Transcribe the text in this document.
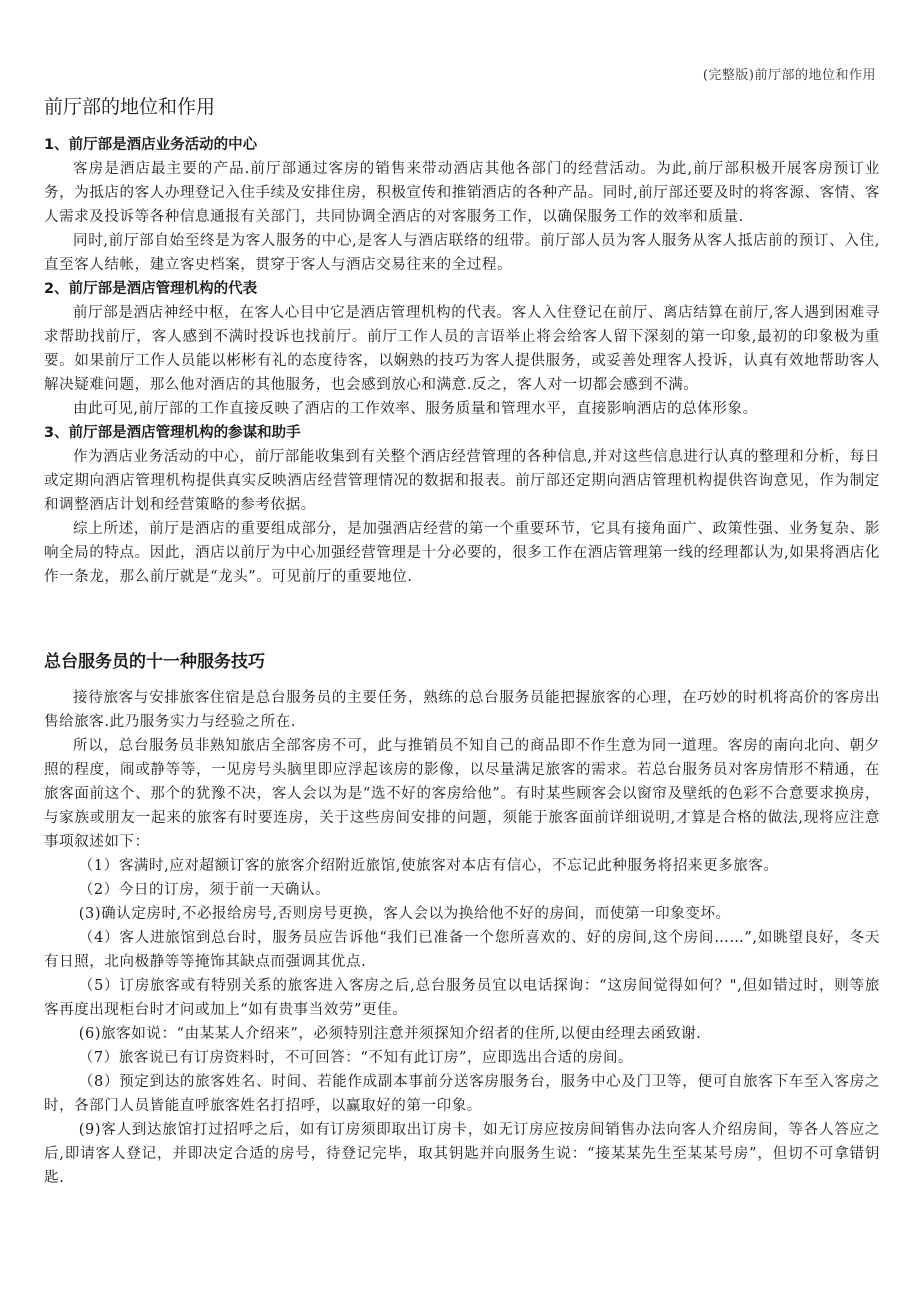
(完整版)前厅部的地位和作用
前厅部的地位和作用

1、前厅部是酒店业务活动的中心

客房是酒店最主要的产品.前厅部通过客房的销售来带动酒店其他各部门的经营活动。为此,前厅部积极开展客房预订业务，为抵店的客人办理登记入住手续及安排住房，积极宣传和推销酒店的各种产品。同时,前厅部还要及时的将客源、客情、客人需求及投诉等各种信息通报有关部门，共同协调全酒店的对客服务工作，以确保服务工作的效率和质量.

同时,前厅部自始至终是为客人服务的中心,是客人与酒店联络的纽带。前厅部人员为客人服务从客人抵店前的预订、入住,直至客人结帐，建立客史档案，贯穿于客人与酒店交易往来的全过程。

2、前厅部是酒店管理机构的代表

前厅部是酒店神经中枢，在客人心目中它是酒店管理机构的代表。客人入住登记在前厅、离店结算在前厅,客人遇到困难寻求帮助找前厅，客人感到不满时投诉也找前厅。前厅工作人员的言语举止将会给客人留下深刻的第一印象,最初的印象极为重要。如果前厅工作人员能以彬彬有礼的态度待客，以娴熟的技巧为客人提供服务，或妥善处理客人投诉，认真有效地帮助客人解决疑难问题，那么他对酒店的其他服务，也会感到放心和满意.反之，客人对一切都会感到不满。

由此可见,前厅部的工作直接反映了酒店的工作效率、服务质量和管理水平，直接影响酒店的总体形象。

3、前厅部是酒店管理机构的参谋和助手

作为酒店业务活动的中心，前厅部能收集到有关整个酒店经营管理的各种信息,并对这些信息进行认真的整理和分析，每日或定期向酒店管理机构提供真实反映酒店经营管理情况的数据和报表。前厅部还定期向酒店管理机构提供咨询意见，作为制定和调整酒店计划和经营策略的参考依据。

综上所述，前厅是酒店的重要组成部分，是加强酒店经营的第一个重要环节，它具有接角面广、政策性强、业务复杂、影响全局的特点。因此，酒店以前厅为中心加强经营管理是十分必要的，很多工作在酒店管理第一线的经理都认为,如果将酒店化作一条龙，那么前厅就是“龙头”。可见前厅的重要地位.

总台服务员的十一种服务技巧

接待旅客与安排旅客住宿是总台服务员的主要任务，熟练的总台服务员能把握旅客的心理，在巧妙的时机将高价的客房出售给旅客.此乃服务实力与经验之所在.

所以，总台服务员非熟知旅店全部客房不可，此与推销员不知自己的商品即不作生意为同一道理。客房的南向北向、朝夕照的程度，闹或静等等，一见房号头脑里即应浮起该房的影像，以尽量满足旅客的需求。若总台服务员对客房情形不精通，在旅客面前这个、那个的犹豫不决，客人会以为是“选不好的客房给他”。有时某些顾客会以窗帘及壁纸的色彩不合意要求换房，与家族或朋友一起来的旅客有时要连房，关于这些房间安排的问题，须能于旅客面前详细说明,才算是合格的做法,现将应注意事项叙述如下：

（1）客满时,应对超额订客的旅客介绍附近旅馆,使旅客对本店有信心，不忘记此种服务将招来更多旅客。

（2）今日的订房，须于前一天确认。

(3)确认定房时,不必报给房号,否则房号更换，客人会以为换给他不好的房间，而使第一印象变坏。

（4）客人进旅馆到总台时，服务员应告诉他“我们已准备一个您所喜欢的、好的房间,这个房间……”,如眺望良好，冬天有日照，北向极静等等掩饰其缺点而强调其优点.

（5）订房旅客或有特别关系的旅客进入客房之后,总台服务员宜以电话探询：“这房间觉得如何？",但如错过时，则等旅客再度出现柜台时才问或加上“如有贵事当效劳”更佳。

(6)旅客如说：“由某某人介绍来”，必须特别注意并须探知介绍者的住所,以便由经理去函致谢.

（7）旅客说已有订房资料时，不可回答：“不知有此订房”，应即选出合适的房间。

（8）预定到达的旅客姓名、时间、若能作成副本事前分送客房服务台，服务中心及门卫等，便可自旅客下车至入客房之时，各部门人员皆能直呼旅客姓名打招呼，以赢取好的第一印象。

(9)客人到达旅馆打过招呼之后，如有订房须即取出订房卡，如无订房应按房间销售办法向客人介绍房间，等各人答应之后,即请客人登记，并即决定合适的房号，待登记完毕，取其钥匙并向服务生说：“接某某先生至某某号房”，但切不可拿错钥匙.
